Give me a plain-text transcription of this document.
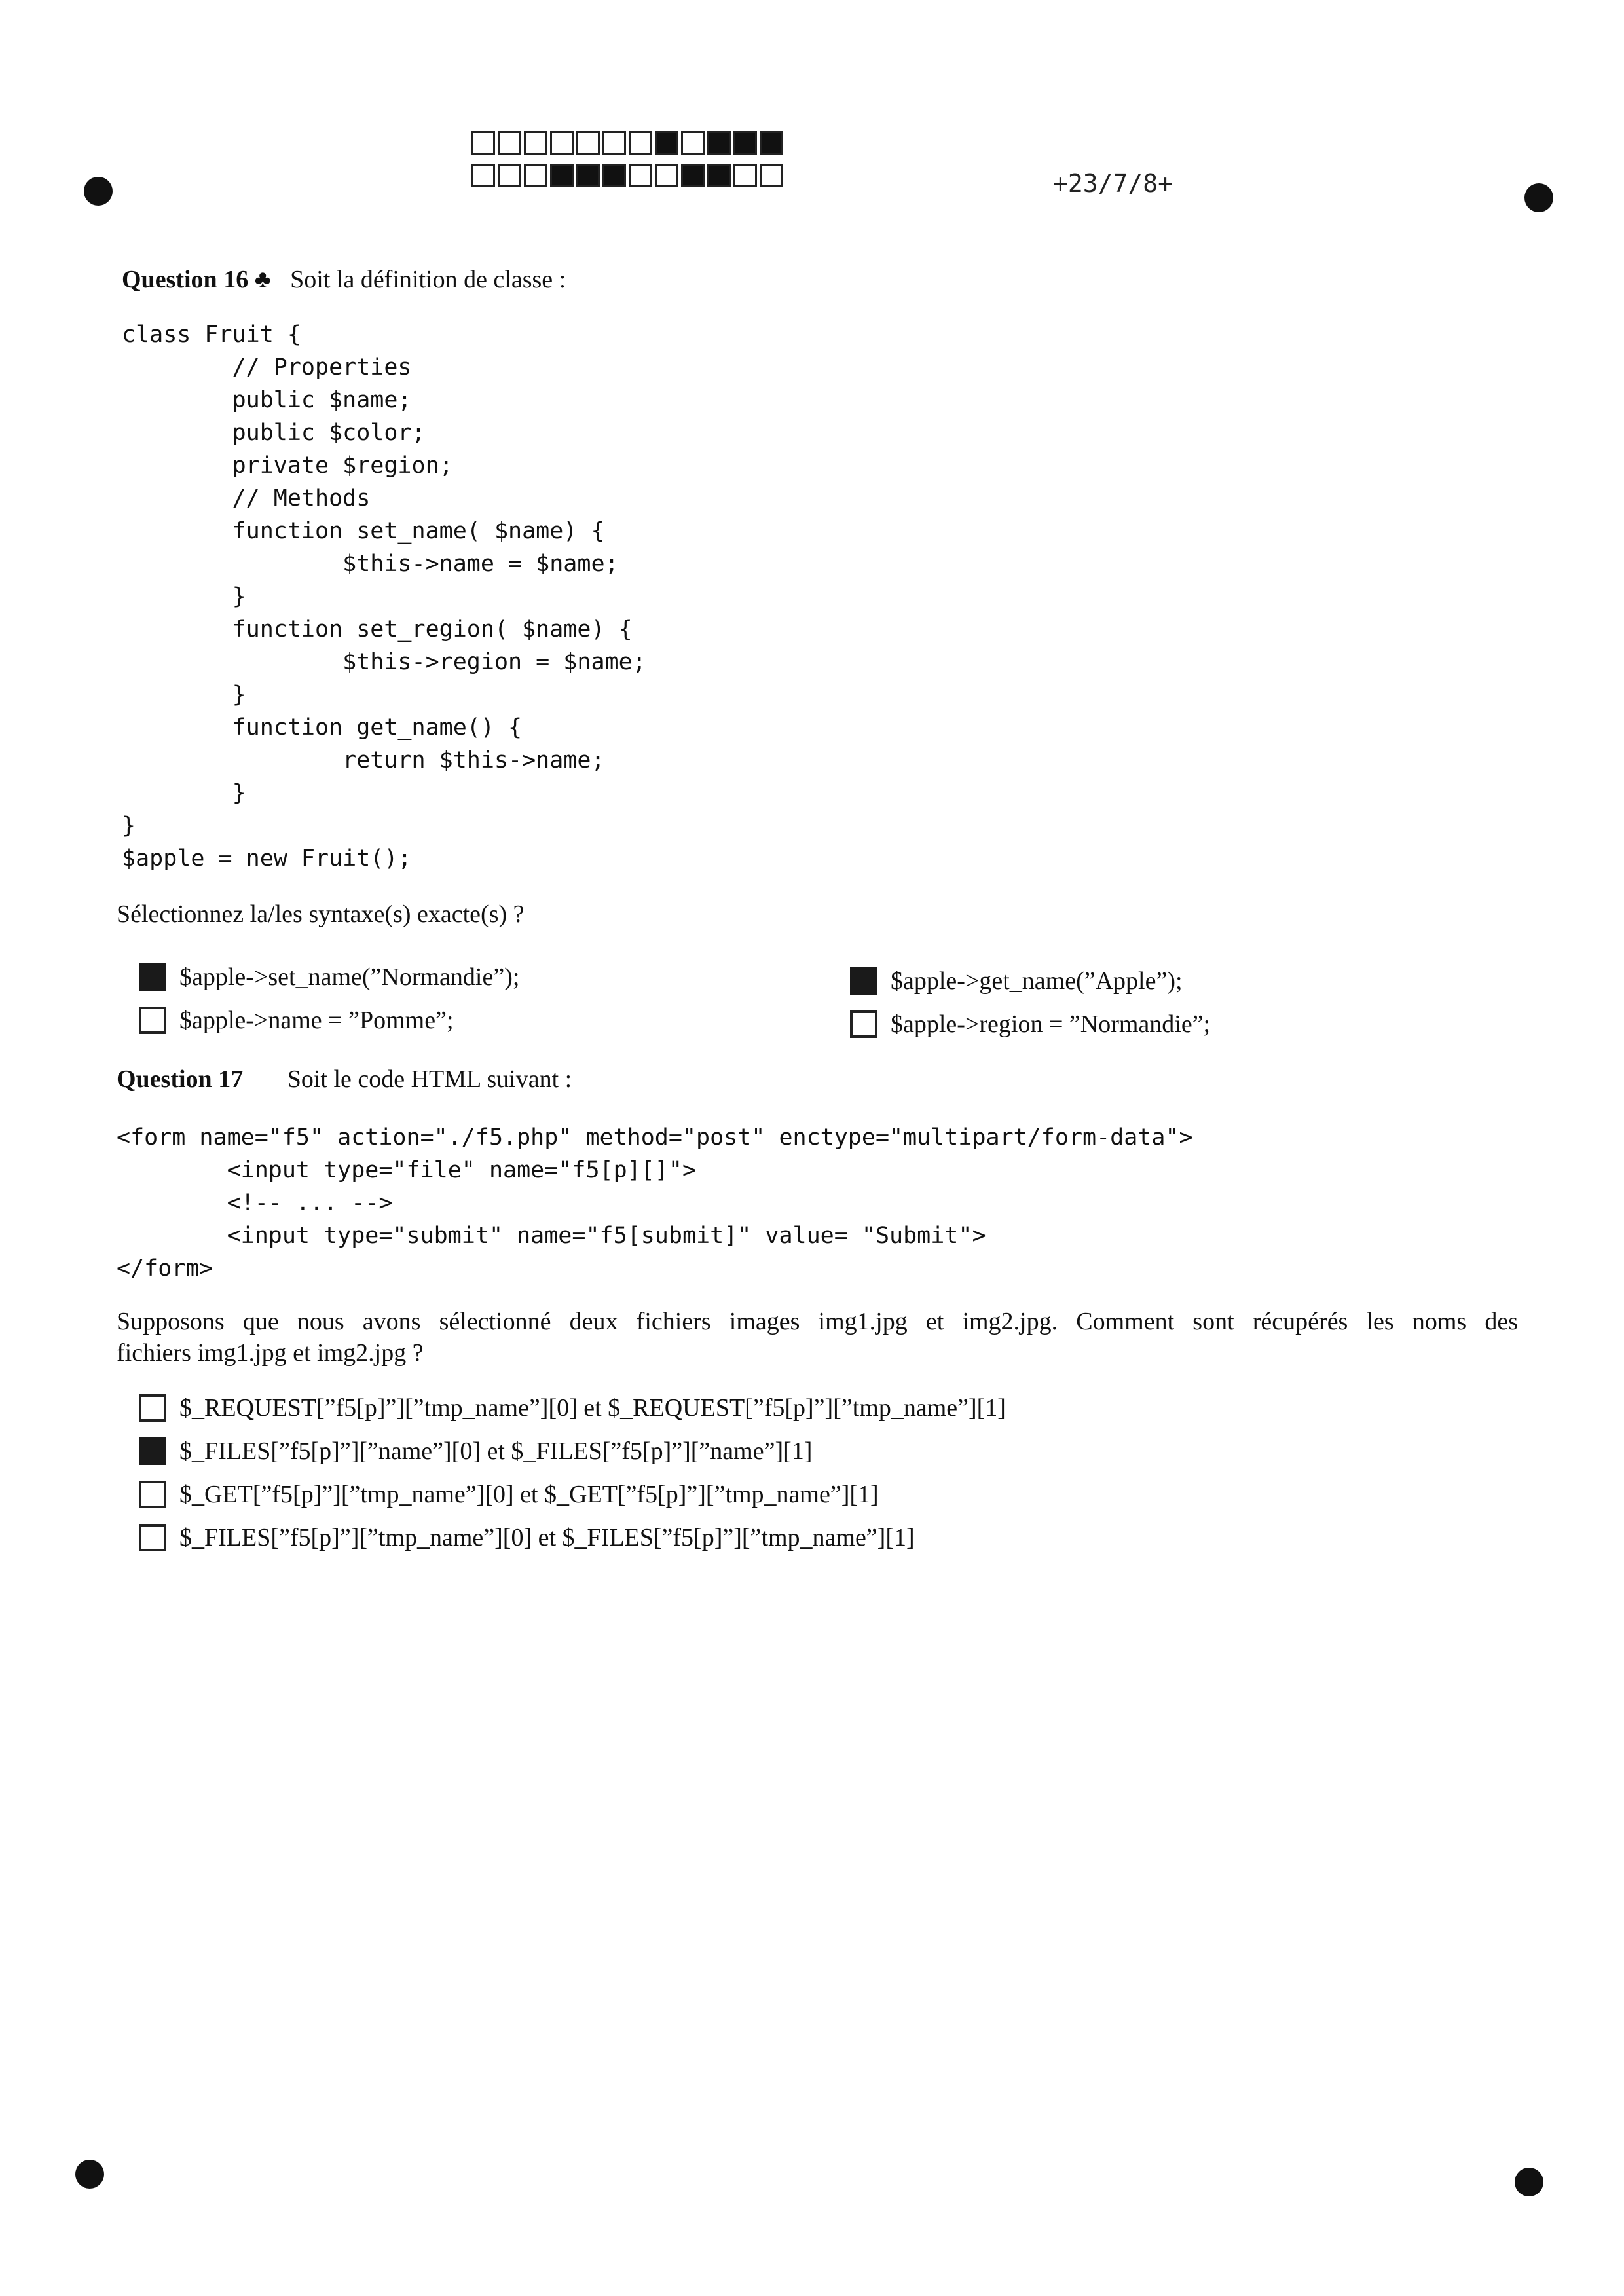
+23/7/8+
Question 16 ♣ Soit la définition de classe :
class Fruit {
// Properties
public $name;
public $color;
private $region;
// Methods
function set_name( $name) {
$this->name = $name;
}
function set_region( $name) {
$this->region = $name;
}
function get_name() {
return $this->name;
}
}
$apple = new Fruit();
Sélectionnez la/les syntaxe(s) exacte(s) ?
$apple->set_name(”Normandie”);	$apple->get_name(”Apple”);
$apple->name = ”Pomme”;	$apple->region = ”Normandie”;
Question 17 Soit le code HTML suivant :
<form name="f5" action="./f5.php" method="post" enctype="multipart/form-data">
<input type="file" name="f5[p][]">
<!-- ... -->
<input type="submit" name="f5[submit]" value= "Submit">
</form>
Supposons que nous avons sélectionné deux fichiers images img1.jpg et img2.jpg. Comment sont récupérés les noms des
fichiers img1.jpg et img2.jpg ?
$_REQUEST[”f5[p]”][”tmp_name”][0] et $_REQUEST[”f5[p]”][”tmp_name”][1]
$_FILES[”f5[p]”][”name”][0] et $_FILES[”f5[p]”][”name”][1]
$_GET[”f5[p]”][”tmp_name”][0] et $_GET[”f5[p]”][”tmp_name”][1]
$_FILES[”f5[p]”][”tmp_name”][0] et $_FILES[”f5[p]”][”tmp_name”][1]
